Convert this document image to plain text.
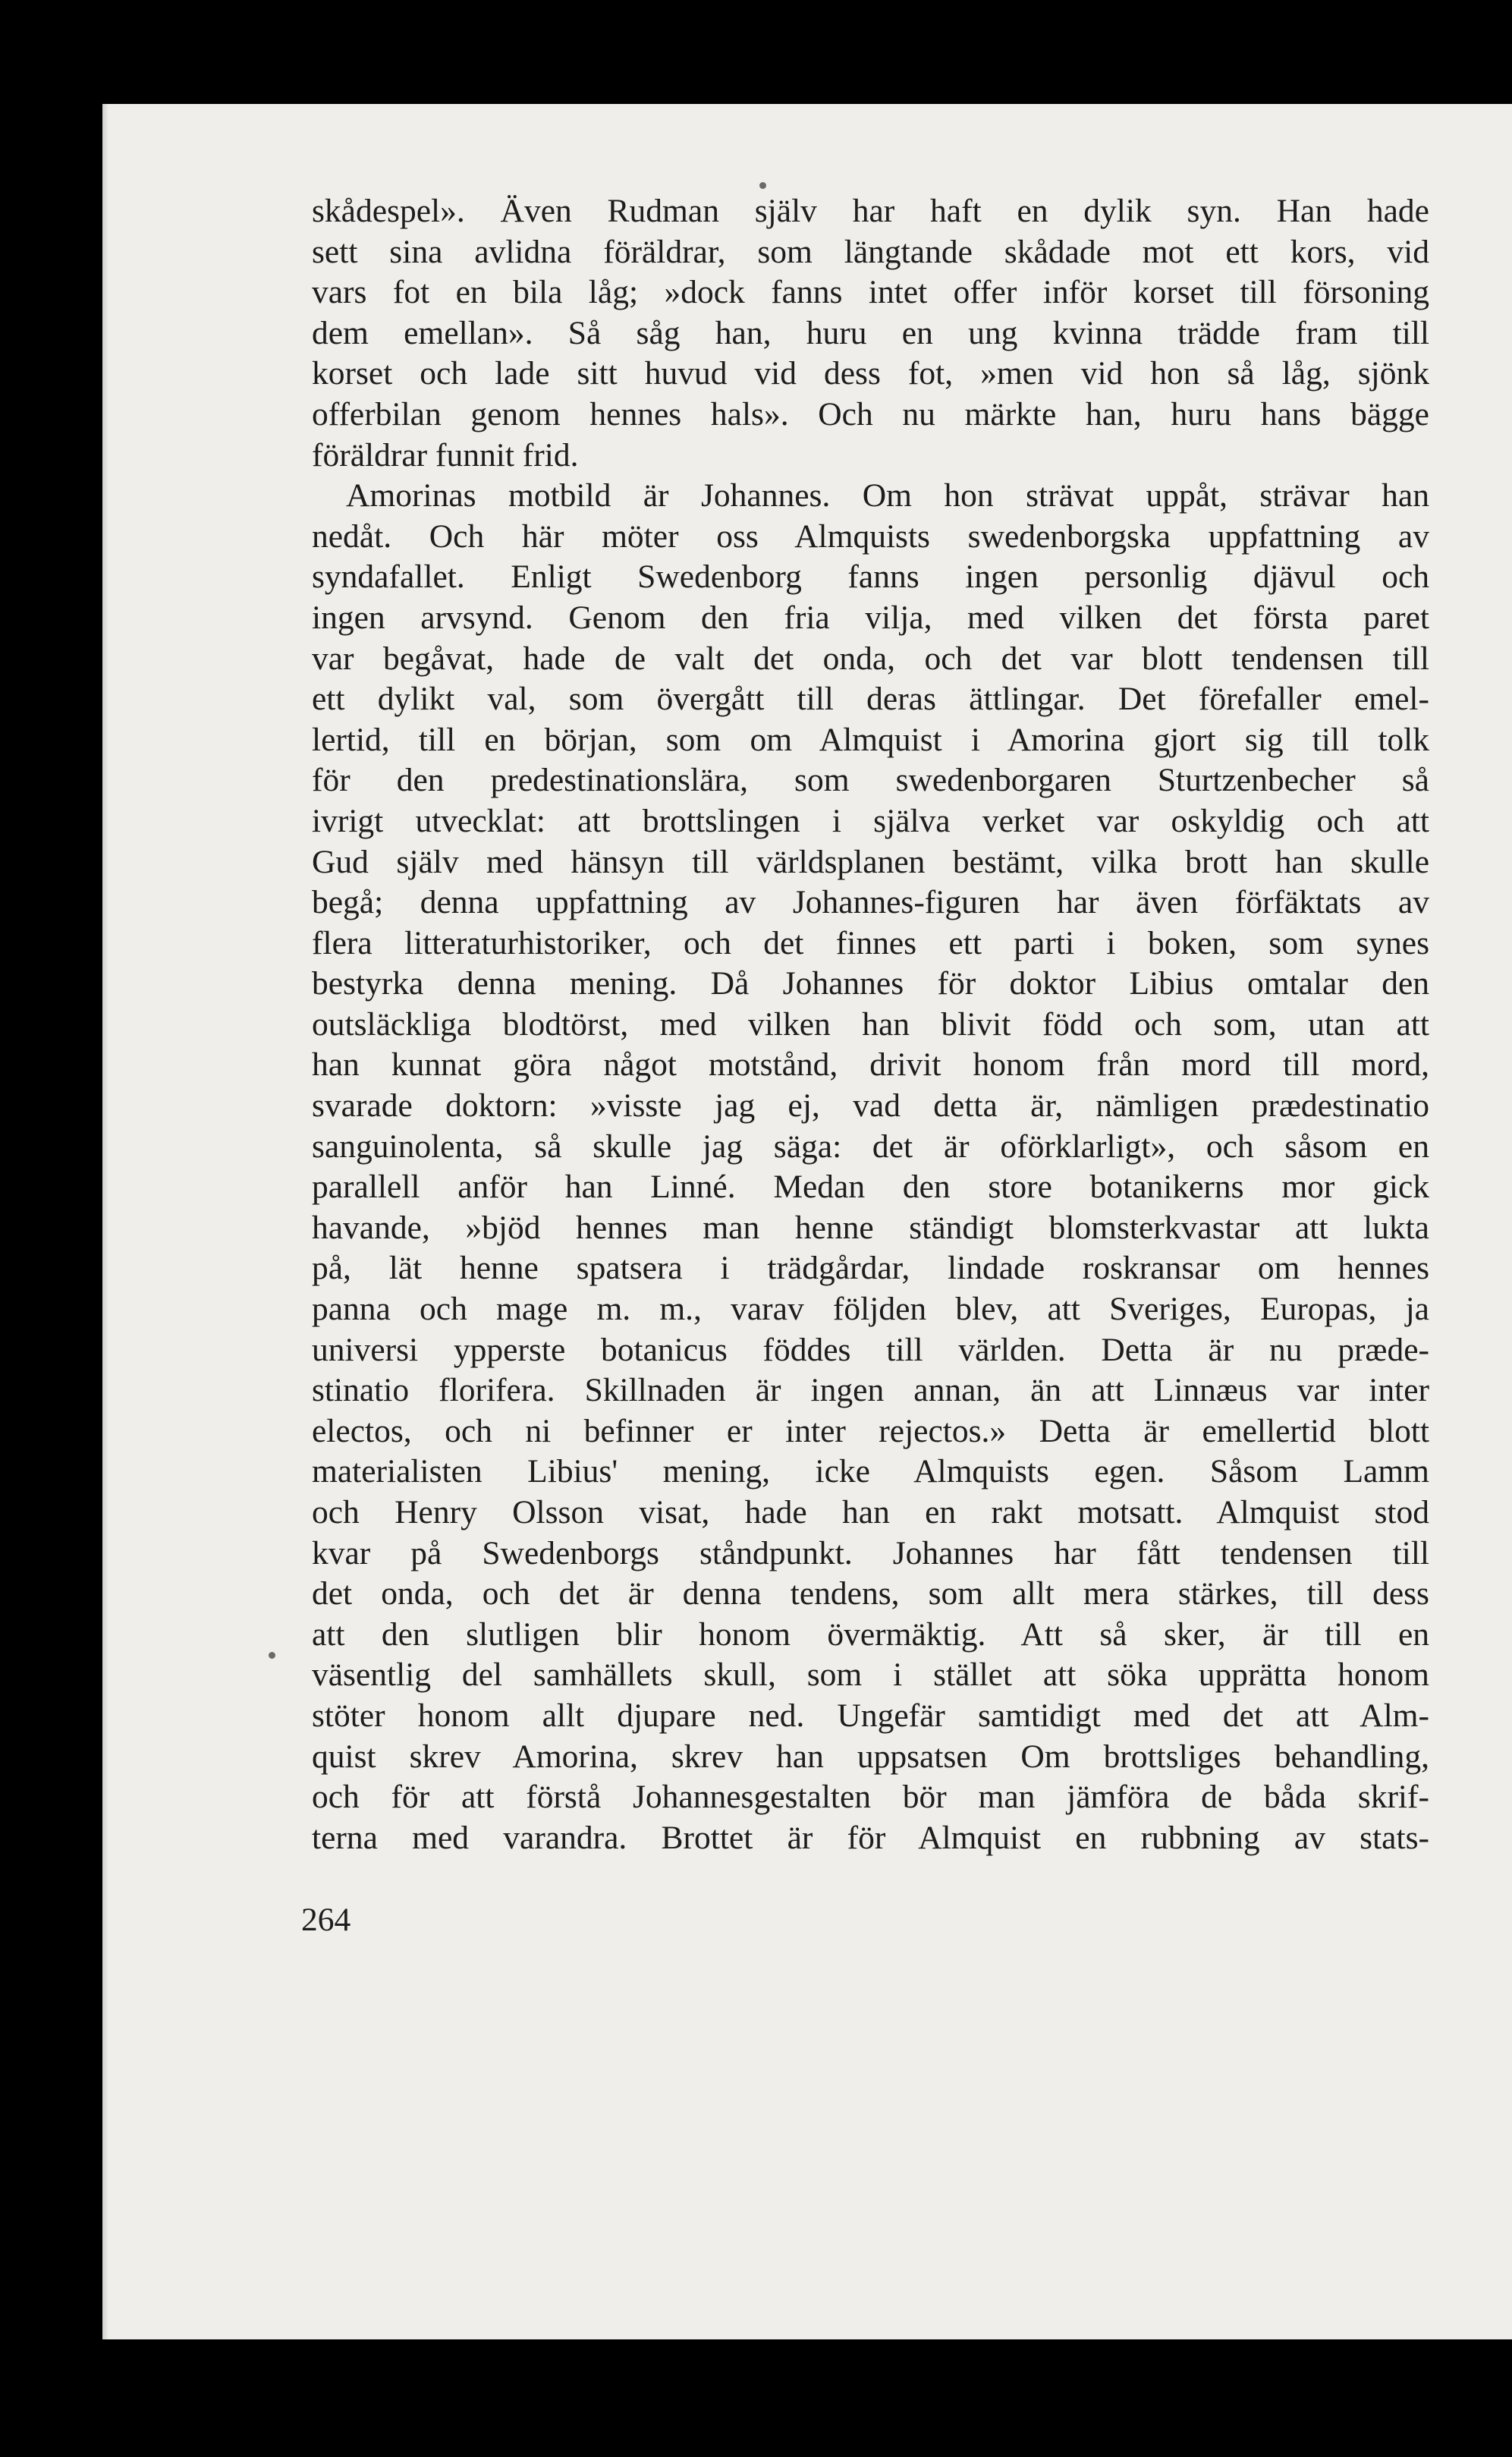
skådespel». Även Rudman själv har haft en dylik syn. Han hade
sett sina avlidna föräldrar, som längtande skådade mot ett kors, vid
vars fot en bila låg; »dock fanns intet offer inför korset till försoning
dem emellan». Så såg han, huru en ung kvinna trädde fram till
korset och lade sitt huvud vid dess fot, »men vid hon så låg, sjönk
offerbilan genom hennes hals». Och nu märkte han, huru hans bägge
föräldrar funnit frid.
Amorinas motbild är Johannes. Om hon strävat uppåt, strävar han
nedåt. Och här möter oss Almquists swedenborgska uppfattning av
syndafallet. Enligt Swedenborg fanns ingen personlig djävul och
ingen arvsynd. Genom den fria vilja, med vilken det första paret
var begåvat, hade de valt det onda, och det var blott tendensen till
ett dylikt val, som övergått till deras ättlingar. Det förefaller emel-
lertid, till en början, som om Almquist i Amorina gjort sig till tolk
för den predestinationslära, som swedenborgaren Sturtzenbecher så
ivrigt utvecklat: att brottslingen i själva verket var oskyldig och att
Gud själv med hänsyn till världsplanen bestämt, vilka brott han skulle
begå; denna uppfattning av Johannes-figuren har även förfäktats av
flera litteraturhistoriker, och det finnes ett parti i boken, som synes
bestyrka denna mening. Då Johannes för doktor Libius omtalar den
outsläckliga blodtörst, med vilken han blivit född och som, utan att
han kunnat göra något motstånd, drivit honom från mord till mord,
svarade doktorn: »visste jag ej, vad detta är, nämligen prædestinatio
sanguinolenta, så skulle jag säga: det är oförklarligt», och såsom en
parallell anför han Linné. Medan den store botanikerns mor gick
havande, »bjöd hennes man henne ständigt blomsterkvastar att lukta
på, lät henne spatsera i trädgårdar, lindade roskransar om hennes
panna och mage m. m., varav följden blev, att Sveriges, Europas, ja
universi ypperste botanicus föddes till världen. Detta är nu præde-
stinatio florifera. Skillnaden är ingen annan, än att Linnæus var inter
electos, och ni befinner er inter rejectos.» Detta är emellertid blott
materialisten Libius' mening, icke Almquists egen. Såsom Lamm
och Henry Olsson visat, hade han en rakt motsatt. Almquist stod
kvar på Swedenborgs ståndpunkt. Johannes har fått tendensen till
det onda, och det är denna tendens, som allt mera stärkes, till dess
att den slutligen blir honom övermäktig. Att så sker, är till en
väsentlig del samhällets skull, som i stället att söka upprätta honom
stöter honom allt djupare ned. Ungefär samtidigt med det att Alm-
quist skrev Amorina, skrev han uppsatsen Om brottsliges behandling,
och för att förstå Johannesgestalten bör man jämföra de båda skrif-
terna med varandra. Brottet är för Almquist en rubbning av stats-
264
